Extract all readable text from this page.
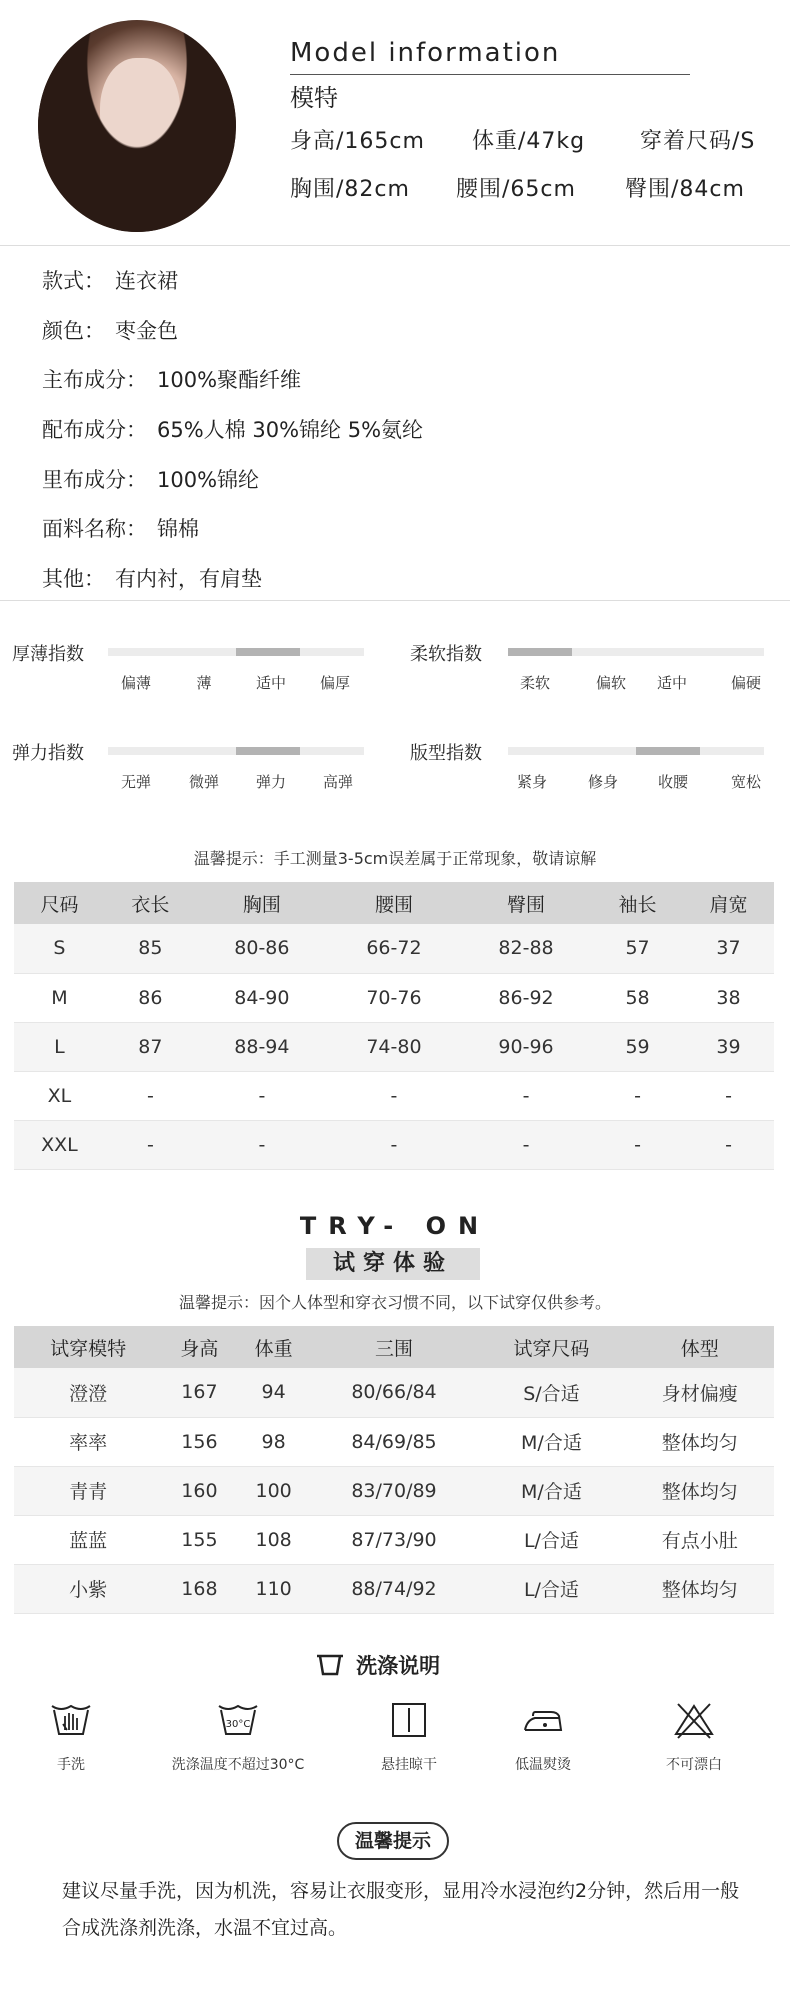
Model information
模特
身高/165cm 体重/47kg 穿着尺码/S
胸围/82cm 腰围/65cm 臀围/84cm
款式： 连衣裙
颜色： 枣金色
主布成分： 100%聚酯纤维
配布成分： 65%人棉 30%锦纶 5%氨纶
里布成分： 100%锦纶
面料名称： 锦棉
其他： 有内衬，有肩垫
厚薄指数
偏薄	薄	适中	偏厚
柔软指数
柔软	偏软	适中	偏硬
弹力指数
无弹	微弹	弹力	高弹
版型指数
紧身	修身	收腰	宽松
温馨提示：手工测量3-5cm误差属于正常现象，敬请谅解
尺码	衣长	胸围	腰围	臀围	袖长	肩宽
S	85	80-86	66-72	82-88	57	37
M	86	84-90	70-76	86-92	58	38
L	87	88-94	74-80	90-96	59	39
XL	-	-	-	-	-	-
XXL	-	-	-	-	-	-
TRY- ON
试穿体验
温馨提示：因个人体型和穿衣习惯不同，以下试穿仅供参考。
试穿模特	身高	体重	三围	试穿尺码	体型
澄澄	167	94	80/66/84	S/合适	身材偏瘦
率率	156	98	84/69/85	M/合适	整体均匀
青青	160	100	83/70/89	M/合适	整体均匀
蓝蓝	155	108	87/73/90	L/合适	有点小肚
小紫	168	110	88/74/92	L/合适	整体均匀
洗涤说明
手洗
30°C
洗涤温度不超过30°C	悬挂晾干	低温熨烫	不可漂白
温馨提示
建议尽量手洗，因为机洗，容易让衣服变形，显用冷水浸泡约2分钟，然后用一般合成洗涤剂洗涤，水温不宜过高。
